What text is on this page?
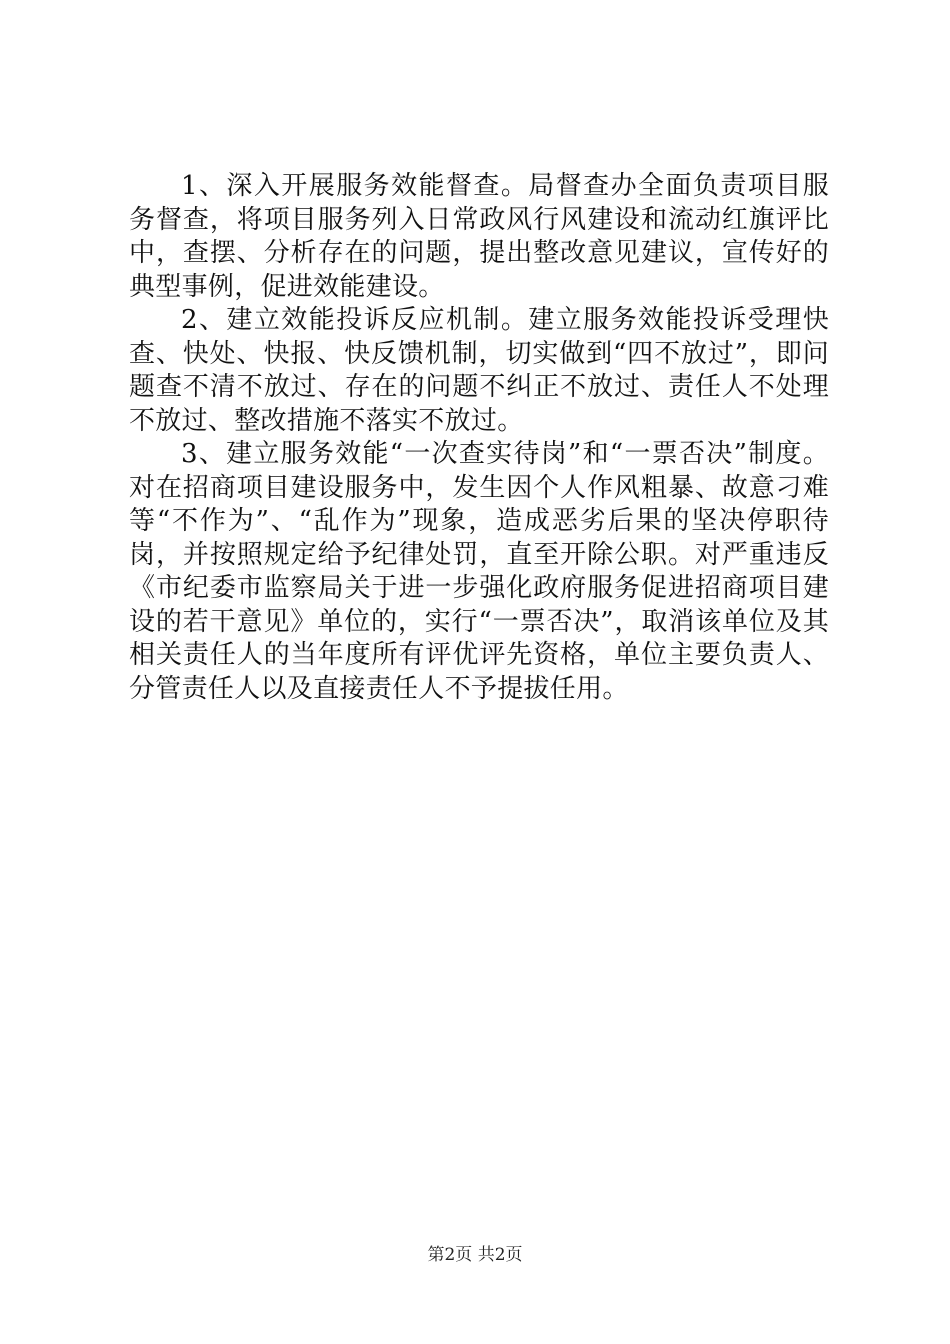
1、深入开展服务效能督查。局督查办全面负责项目服务督查，将项目服务列入日常政风行风建设和流动红旗评比中，查摆、分析存在的问题，提出整改意见建议，宣传好的典型事例，促进效能建设。

2、建立效能投诉反应机制。建立服务效能投诉受理快查、快处、快报、快反馈机制，切实做到“四不放过”，即问题查不清不放过、存在的问题不纠正不放过、责任人不处理不放过、整改措施不落实不放过。

3、建立服务效能“一次查实待岗”和“一票否决”制度。对在招商项目建设服务中，发生因个人作风粗暴、故意刁难等“不作为”、“乱作为”现象，造成恶劣后果的坚决停职待岗，并按照规定给予纪律处罚，直至开除公职。对严重违反《市纪委市监察局关于进一步强化政府服务促进招商项目建设的若干意见》单位的，实行“一票否决”，取消该单位及其相关责任人的当年度所有评优评先资格，单位主要负责人、分管责任人以及直接责任人不予提拔任用。

第2页 共2页
